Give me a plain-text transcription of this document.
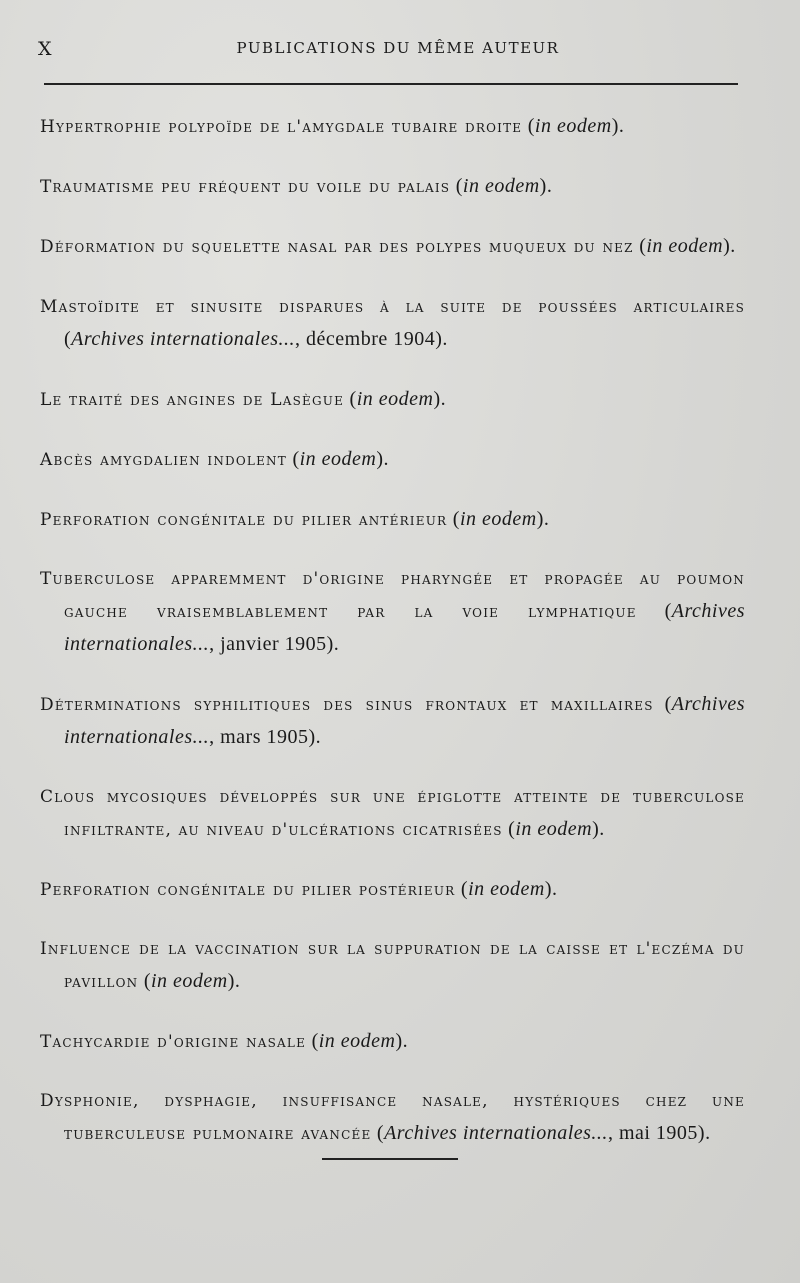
X	PUBLICATIONS DU MÊME AUTEUR

Hypertrophie polypoïde de l'amygdale tubaire droite (in eodem).

Traumatisme peu fréquent du voile du palais (in eodem).

Déformation du squelette nasal par des polypes muqueux du nez (in eodem).

Mastoïdite et sinusite disparues à la suite de poussées articulaires (Archives internationales..., décembre 1904).

Le traité des angines de Lasègue (in eodem).

Abcès amygdalien indolent (in eodem).

Perforation congénitale du pilier antérieur (in eodem).

Tuberculose apparemment d'origine pharyngée et propagée au poumon gauche vraisemblablement par la voie lymphatique (Archives internationales..., janvier 1905).

Déterminations syphilitiques des sinus frontaux et maxillaires (Archives internationales..., mars 1905).

Clous mycosiques développés sur une épiglotte atteinte de tuberculose infiltrante, au niveau d'ulcérations cicatrisées (in eodem).

Perforation congénitale du pilier postérieur (in eodem).

Influence de la vaccination sur la suppuration de la caisse et l'eczéma du pavillon (in eodem).

Tachycardie d'origine nasale (in eodem).

Dysphonie, dysphagie, insuffisance nasale, hystériques chez une tuberculeuse pulmonaire avancée (Archives internationales..., mai 1905).
